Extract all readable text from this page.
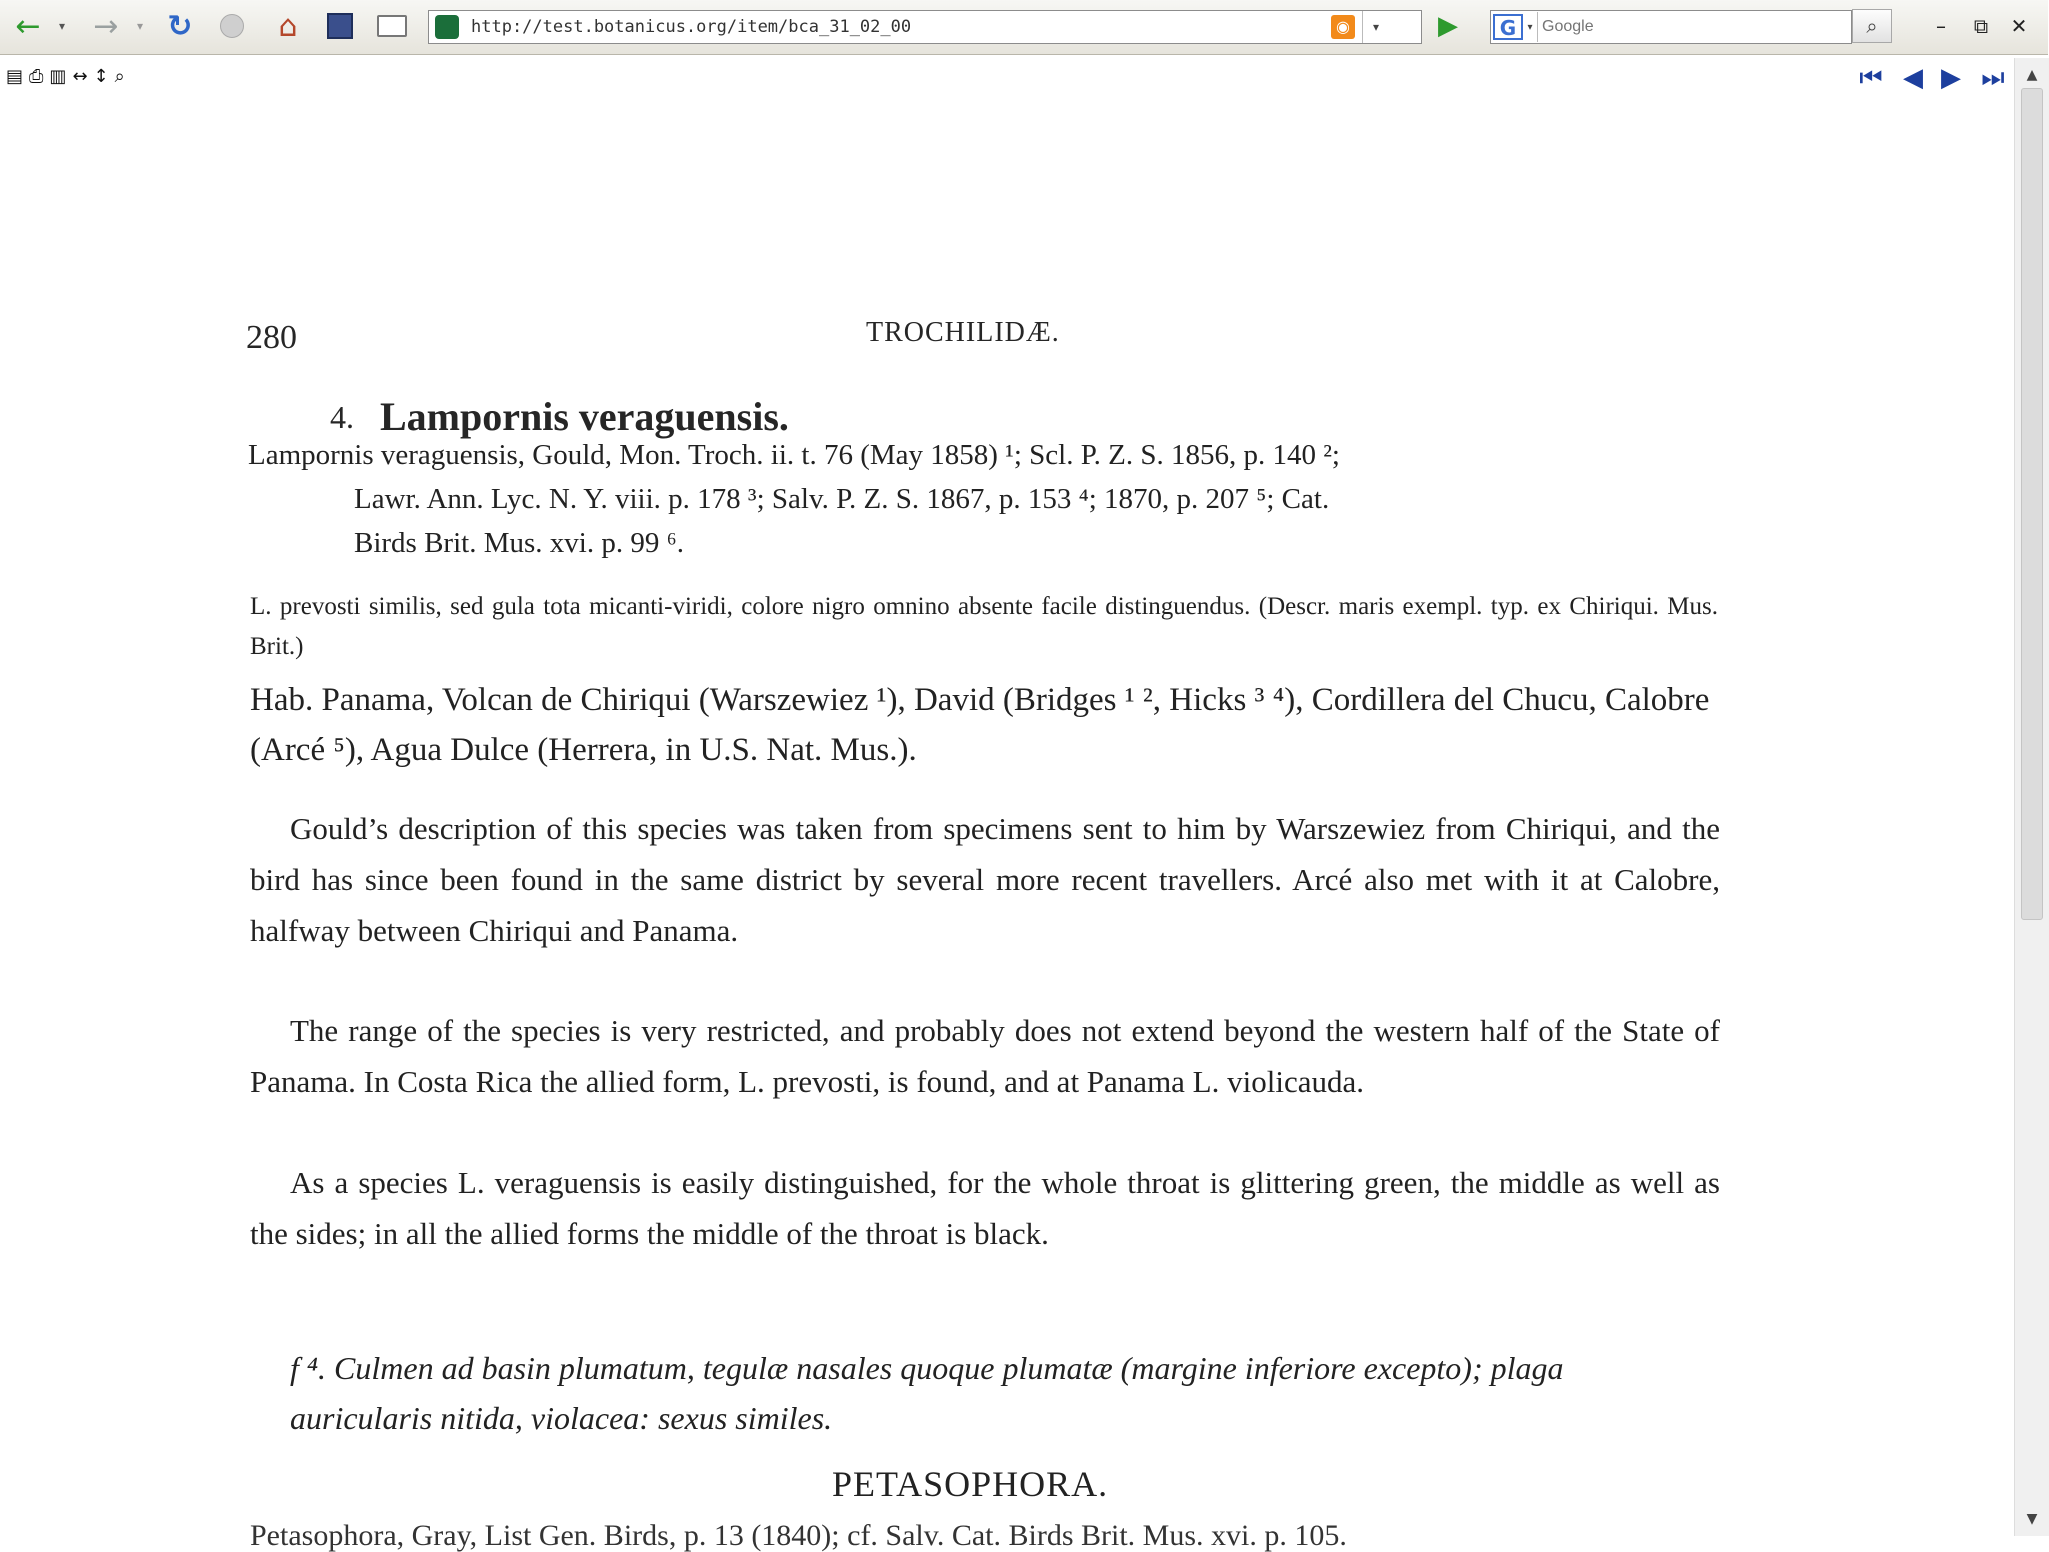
←	▾ →	▾ ↻	⌂	http://test.botanicus.org/item/bca_31_02_00	◉	▾	▶	G	▾
Google	⌕	–	⧉	✕
▤ ⎙ ▥ ↔ ↕ ⌕	⏮ ◀ ▶ ⏭	▲
▼
280	TROCHILIDÆ.
4. Lampornis veraguensis.
Lampornis veraguensis, Gould, Mon. Troch. ii. t. 76 (May 1858) ¹; Scl. P. Z. S. 1856, p. 140 ²;
Lawr. Ann. Lyc. N. Y. viii. p. 178 ³; Salv. P. Z. S. 1867, p. 153 ⁴; 1870, p. 207 ⁵; Cat.
Birds Brit. Mus. xvi. p. 99 ⁶.
L. prevosti similis, sed gula tota micanti-viridi, colore nigro omnino absente facile distinguendus. (Descr. maris exempl. typ. ex Chiriqui. Mus. Brit.)
Hab. Panama, Volcan de Chiriqui (Warszewiez ¹), David (Bridges ¹ ², Hicks ³ ⁴), Cordillera del Chucu, Calobre (Arcé ⁵), Agua Dulce (Herrera, in U.S. Nat. Mus.).
Gould’s description of this species was taken from specimens sent to him by Warszewiez from Chiriqui, and the bird has since been found in the same district by several more recent travellers. Arcé also met with it at Calobre, halfway between Chiriqui and Panama.
The range of the species is very restricted, and probably does not extend beyond the western half of the State of Panama. In Costa Rica the allied form, L. prevosti, is found, and at Panama L. violicauda.
As a species L. veraguensis is easily distinguished, for the whole throat is glittering green, the middle as well as the sides; in all the allied forms the middle of the throat is black.
f ⁴. Culmen ad basin plumatum, tegulæ nasales quoque plumatæ (margine inferiore excepto); plaga auricularis nitida, violacea: sexus similes.
PETASOPHORA.
Petasophora, Gray, List Gen. Birds, p. 13 (1840); cf. Salv. Cat. Birds Brit. Mus. xvi. p. 105.
